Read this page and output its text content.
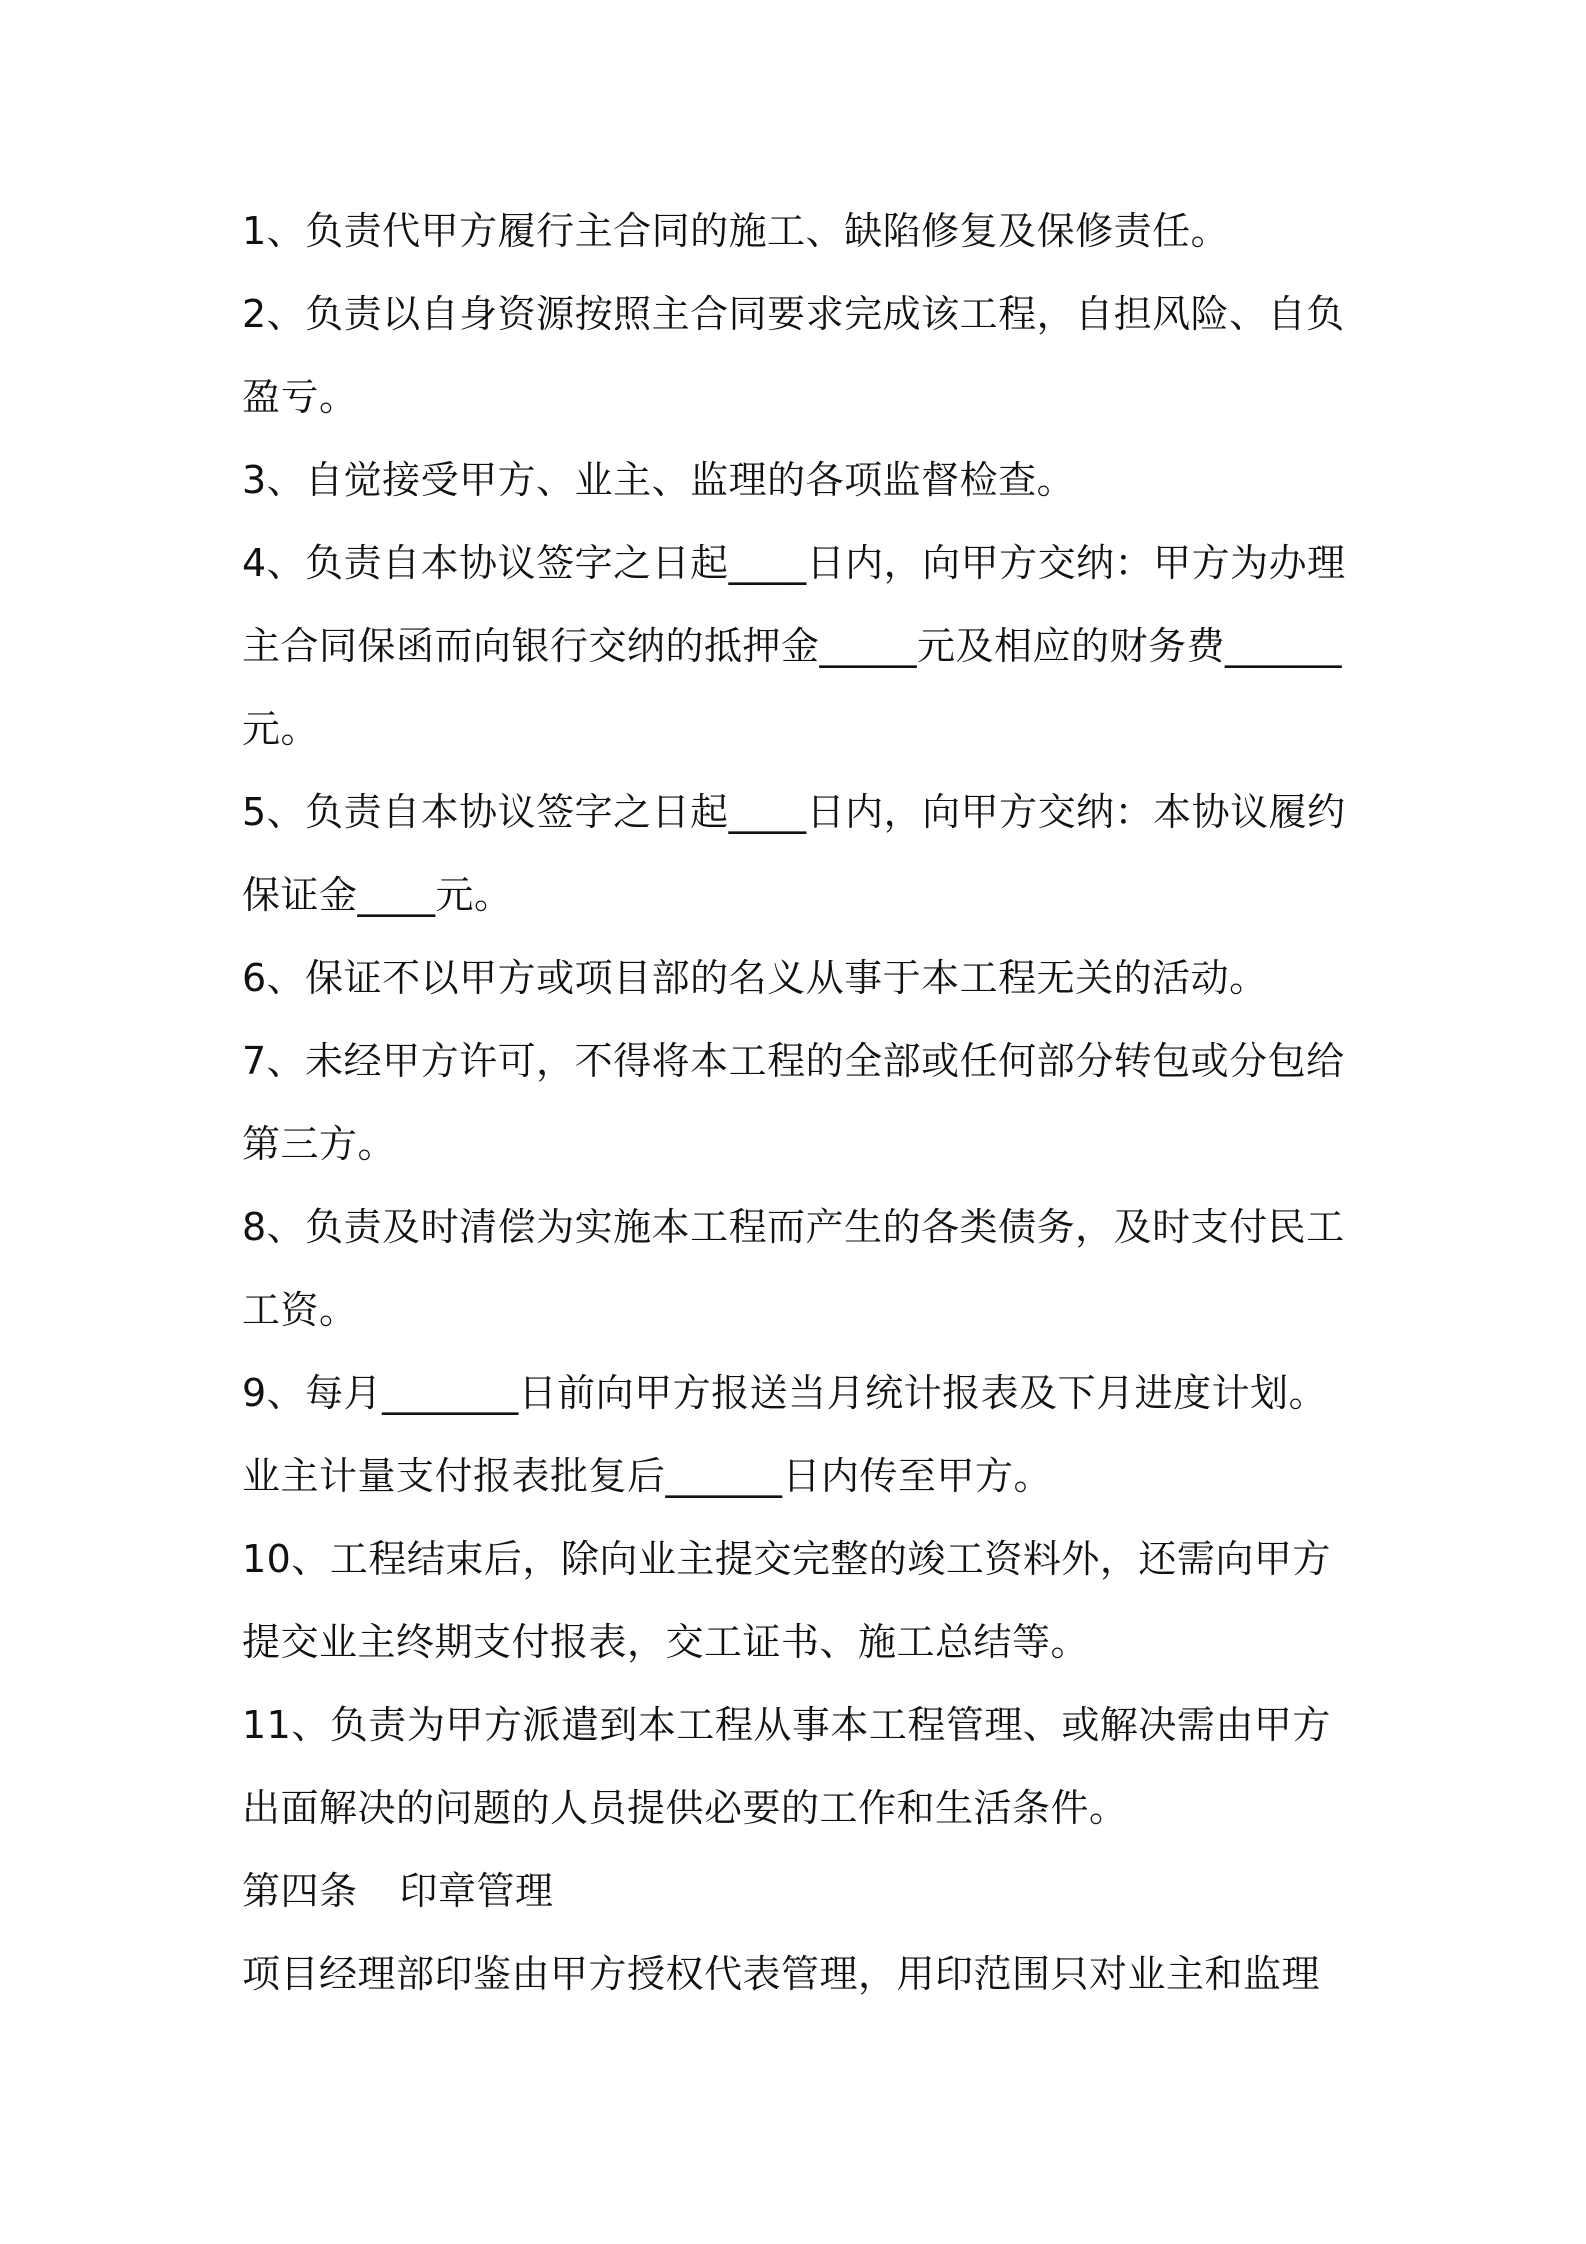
1、负责代甲方履行主合同的施工、缺陷修复及保修责任。

2、负责以自身资源按照主合同要求完成该工程，自担风险、自负盈亏。

3、自觉接受甲方、业主、监理的各项监督检查。

4、负责自本协议签字之日起____日内，向甲方交纳：甲方为办理主合同保函而向银行交纳的抵押金_____元及相应的财务费______元。

5、负责自本协议签字之日起____日内，向甲方交纳：本协议履约保证金____元。

6、保证不以甲方或项目部的名义从事于本工程无关的活动。

7、未经甲方许可，不得将本工程的全部或任何部分转包或分包给第三方。

8、负责及时清偿为实施本工程而产生的各类债务，及时支付民工工资。

9、每月_______日前向甲方报送当月统计报表及下月进度计划。业主计量支付报表批复后______日内传至甲方。

10、工程结束后，除向业主提交完整的竣工资料外，还需向甲方提交业主终期支付报表，交工证书、施工总结等。

11、负责为甲方派遣到本工程从事本工程管理、或解决需由甲方出面解决的问题的人员提供必要的工作和生活条件。

第四条 印章管理

项目经理部印鉴由甲方授权代表管理，用印范围只对业主和监理
